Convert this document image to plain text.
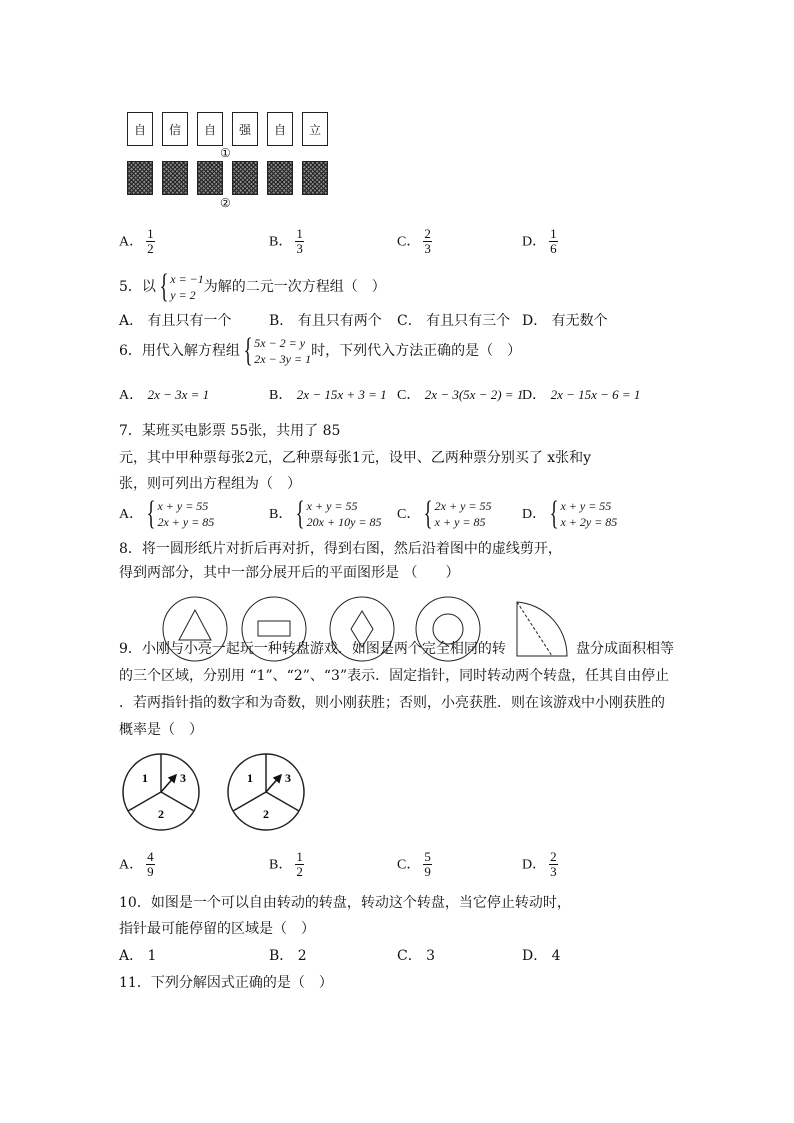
自 信 自 强 自 立
①
②
A． $\frac{1}{2}$	B． $\frac{1}{3}$	C． $\frac{2}{3}$	D． $\frac{1}{6}$
5．以 { x = −1
y = 2 为解的二元一次方程组（　）
A． 有且只有一个	B． 有且只有两个 C． 有且只有三个 D． 有无数个
6．用代入解方程组 { 5x − 2 = y
2x − 3y = 1 时，下列代入方法正确的是（　）
A． 2x − 3x = 1	B． 2x − 15x + 3 = 1 C． 2x − 3(5x − 2) = 1
D． 2x − 15x − 6 = 1
7．某班买电影票 55张，共用了 85
元，其中甲种票每张2元，乙种票每张1元，设甲、乙两种票分别买了 x张和y
张，则可列出方程组为（　）
A． { x + y = 55
2x + y = 85	B． { x + y = 55
20x + 10y = 85 C． { 2x + y = 55
x + y = 85	D． { x + y = 55
x + 2y = 85
8．将一圆形纸片对折后再对折，得到右图，然后沿着图中的虚线剪开，
得到两部分，其中一部分展开后的平面图形是 （　　）
9．小刚与小亮一起玩一种转盘游戏．如图是两个完全相同的转	盘分成面积相等
的三个区域，分别用 “1”、“2”、“3”表示．固定指针，同时转动两个转盘，任其自由停止
．若两指针指的数字和为奇数，则小刚获胜；否则，小亮获胜．则在该游戏中小刚获胜的
概率是（　）
1	3
2
1	3
2
A． $\frac{4}{9}$	B． $\frac{1}{2}$	C． $\frac{5}{9}$	D． $\frac{2}{3}$
10．如图是一个可以自由转动的转盘，转动这个转盘，当它停止转动时，
指针最可能停留的区域是（　）
A． 1	B． 2	C． 3	D． 4
11．下列分解因式正确的是（　）
